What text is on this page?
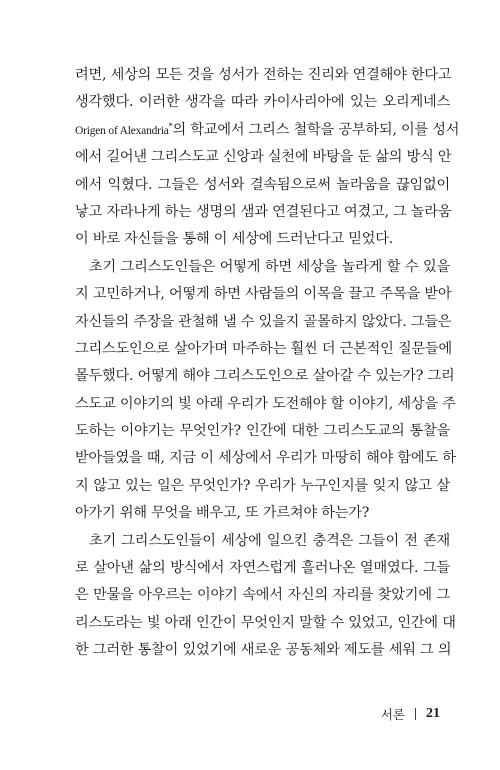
려면, 세상의 모든 것을 성서가 전하는 진리와 연결해야 한다고
생각했다. 이러한 생각을 따라 카이사리아에 있는 오리게네스
Origen of Alexandria*의 학교에서 그리스 철학을 공부하되, 이를 성서
에서 길어낸 그리스도교 신앙과 실천에 바탕을 둔 삶의 방식 안
에서 익혔다. 그들은 성서와 결속됨으로써 놀라움을 끊임없이
낳고 자라나게 하는 생명의 샘과 연결된다고 여겼고, 그 놀라움
이 바로 자신들을 통해 이 세상에 드러난다고 믿었다.
초기 그리스도인들은 어떻게 하면 세상을 놀라게 할 수 있을
지 고민하거나, 어떻게 하면 사람들의 이목을 끌고 주목을 받아
자신들의 주장을 관철해 낼 수 있을지 골몰하지 않았다. 그들은
그리스도인으로 살아가며 마주하는 훨씬 더 근본적인 질문들에
몰두했다. 어떻게 해야 그리스도인으로 살아갈 수 있는가? 그리
스도교 이야기의 빛 아래 우리가 도전해야 할 이야기, 세상을 주
도하는 이야기는 무엇인가? 인간에 대한 그리스도교의 통찰을
받아들였을 때, 지금 이 세상에서 우리가 마땅히 해야 함에도 하
지 않고 있는 일은 무엇인가? 우리가 누구인지를 잊지 않고 살
아가기 위해 무엇을 배우고, 또 가르쳐야 하는가?
초기 그리스도인들이 세상에 일으킨 충격은 그들이 전 존재
로 살아낸 삶의 방식에서 자연스럽게 흘러나온 열매였다. 그들
은 만물을 아우르는 이야기 속에서 자신의 자리를 찾았기에 그
리스도라는 빛 아래 인간이 무엇인지 말할 수 있었고, 인간에 대
한 그러한 통찰이 있었기에 새로운 공동체와 제도를 세워 그 의
서론 21
